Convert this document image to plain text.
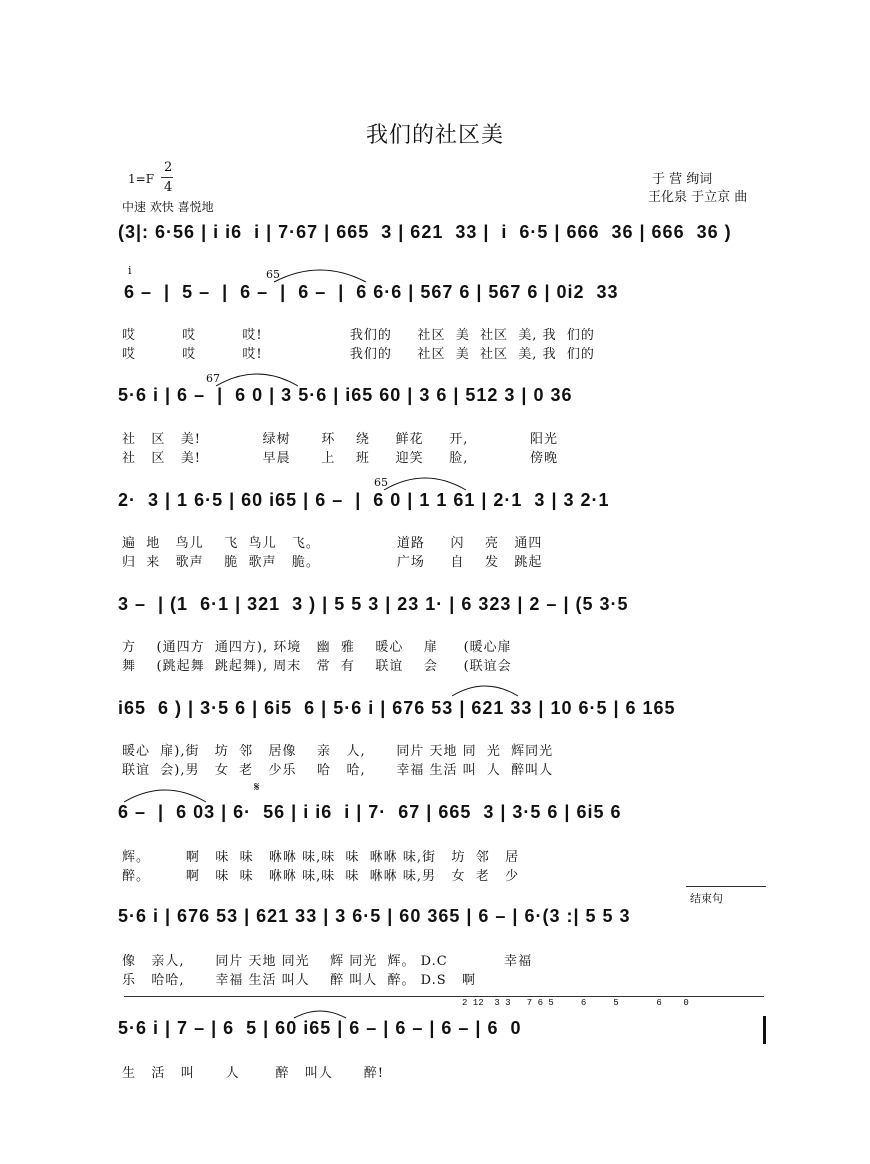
我们的社区美
1=F
2
4
中速 欢快 喜悦地
于 营 绚词
王化泉 于立京 曲
(3|: 6·56 | i i6  i | 7·67 | 665  3 | 621  33 |  i  6·5 | 666  36 | 666  36 )
i	65
6 –  |  5 –  |  6 –  |  6 –  |  6 6·6 | 567 6 | 567 6 | 0i2  33
哎         哎         哎!                 我们的     社区  美  社区  美, 我  们的
哎         哎         哎!                 我们的     社区  美  社区  美, 我  们的
67
5·6 i | 6 –  |  6 0 | 3 5·6 | i65 60 | 3 6 | 512 3 | 0 36
社   区   美!            绿树      环    绕     鲜花     开,            阳光
社   区   美!            早晨      上    班     迎笑     脸,            傍晚
65
2·  3 | 1 6·5 | 60 i65 | 6 –  |  6 0 | 1 1 61 | 2·1  3 | 3 2·1
遍  地   鸟儿    飞  鸟儿   飞。               道路     闪    亮   通四
归  来   歌声    脆  歌声   脆。               广场     自    发   跳起
3 –  | (1  6·1 | 321  3 ) | 5 5 3 | 23 1· | 6 323 | 2 – | (5 3·5
方    (通四方  通四方), 环境   幽  雅    暖心    扉     (暖心扉
舞    (跳起舞  跳起舞), 周末   常  有    联谊    会     (联谊会
i65  6 ) | 3·5 6 | 6i5  6 | 5·6 i | 676 53 | 621 33 | 10 6·5 | 6 165
暖心  扉),街   坊  邻   居像    亲   人,      同片 天地 同  光  辉同光
联谊  会),男   女  老   少乐    哈   哈,      幸福 生活 叫  人  醉叫人
𝄋
6 –  |  6 03 | 6·  56 | i i6  i | 7·  67 | 665  3 | 3·5 6 | 6i5 6
辉。       啊   味  味   咻咻 味,味  味  咻咻 味,街   坊  邻   居
醉。       啊   味  味   咻咻 味,味  味  咻咻 味,男   女  老   少
结束句
5·6 i | 676 53 | 621 33 | 3 6·5 | 60 365 | 6 – | 6·(3 :| 5 5 3
像   亲人,      同片 天地 同光    辉 同光  辉。 D.C           幸福
乐   哈哈,      幸福 生活 叫人    醉 叫人  醉。 D.S   啊
2 12  3 3   7 6 5     6     5       6    0
5·6 i | 7 – | 6  5 | 60 i65 | 6 – | 6 – | 6 – | 6  0
生   活   叫      人       醉   叫人      醉!
